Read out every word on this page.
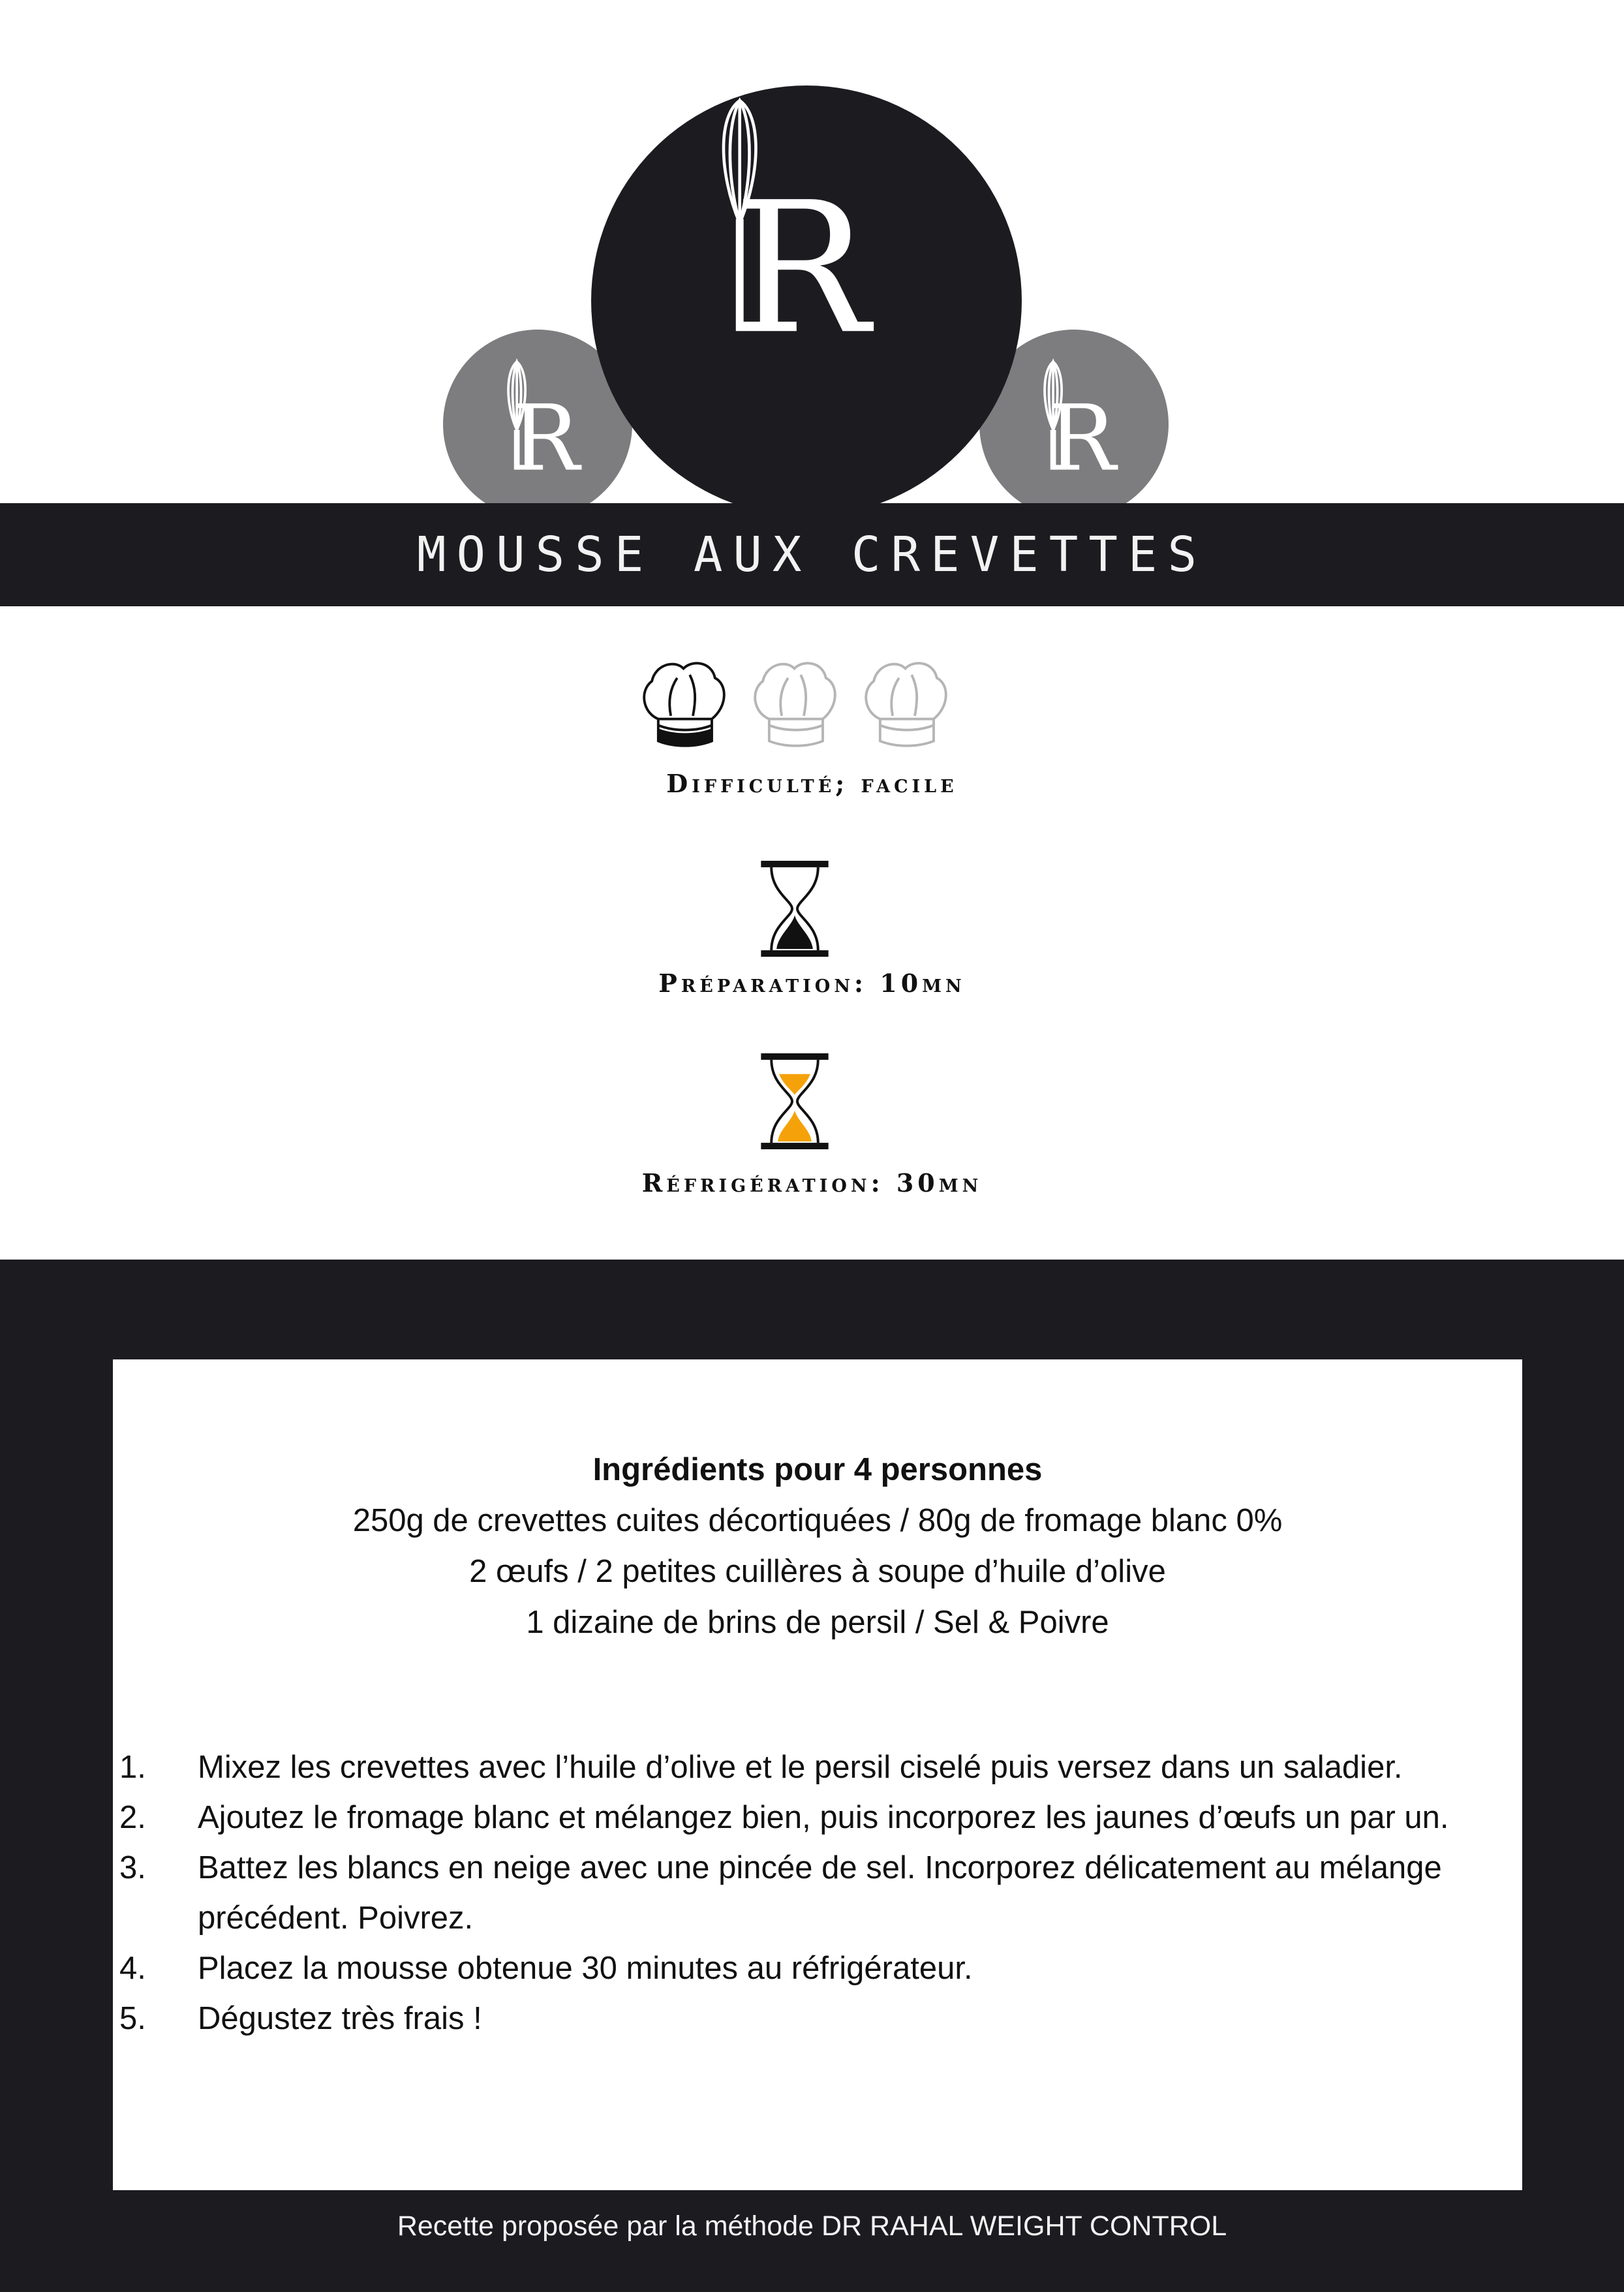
R	R
R
MOUSSE AUX CREVETTES
Difficulté; facile
Préparation: 10mn
Réfrigération: 30mn
Ingrédients pour 4 personnes
250g de crevettes cuites décortiquées / 80g de fromage blanc 0%
2 œufs / 2 petites cuillères à soupe d’huile d’olive
1 dizaine de brins de persil / Sel & Poivre
1.	Mixez les crevettes avec l’huile d’olive et le persil ciselé puis versez dans un saladier.
2.	Ajoutez le fromage blanc et mélangez bien, puis incorporez les jaunes d’œufs un par un.
3.	Battez les blancs en neige avec une pincée de sel. Incorporez délicatement au mélange précédent. Poivrez.
4.	Placez la mousse obtenue 30 minutes au réfrigérateur.
5.	Dégustez très frais !
Recette proposée par la méthode DR RAHAL WEIGHT CONTROL
